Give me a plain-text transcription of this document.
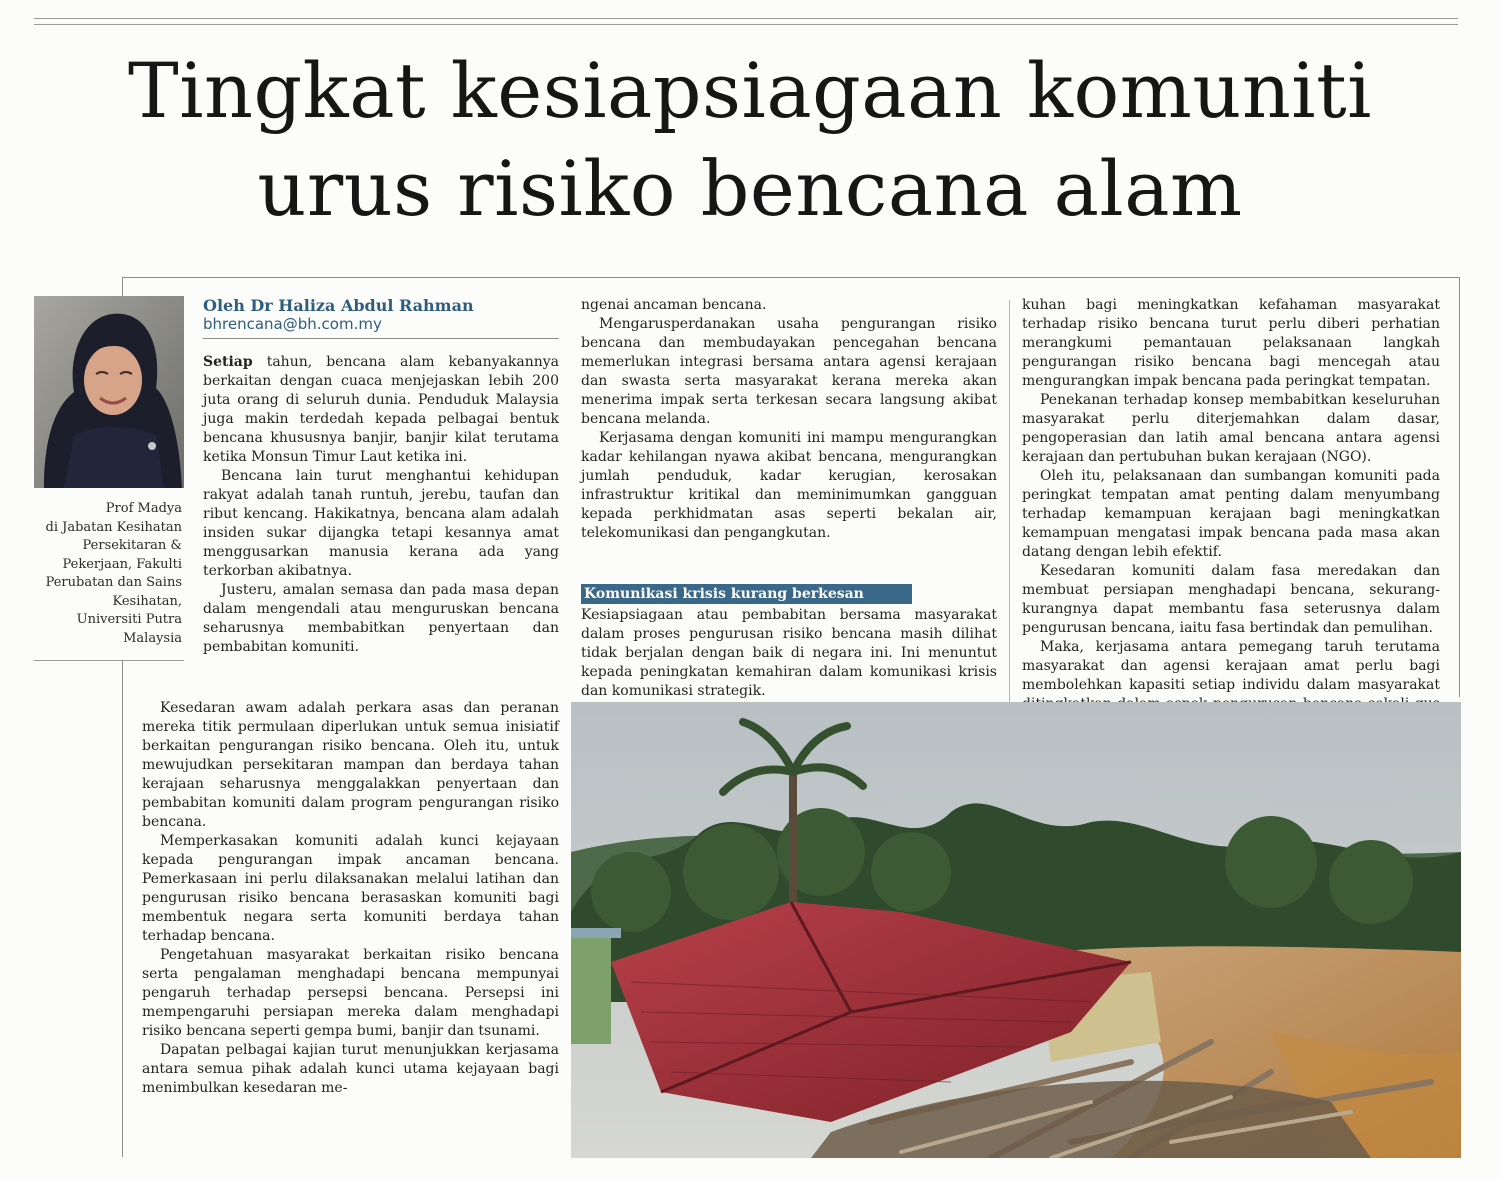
Tingkat kesiapsiagaan komuniti
urus risiko bencana alam

Prof Madya
di Jabatan Kesihatan
Persekitaran &
Pekerjaan, Fakulti
Perubatan dan Sains
Kesihatan,
Universiti Putra
Malaysia

Oleh Dr Haliza Abdul Rahman
bhrencana@bh.com.my

Setiap tahun, bencana alam kebanyakannya berkaitan dengan cuaca menjejaskan lebih 200 juta orang di seluruh dunia. Penduduk Malaysia juga makin terdedah kepada pelbagai bentuk bencana khususnya banjir, banjir kilat terutama ketika Monsun Timur Laut ketika ini.

Bencana lain turut menghantui kehidupan rakyat adalah tanah runtuh, jerebu, taufan dan ribut kencang. Hakikatnya, bencana alam adalah insiden sukar dijangka tetapi kesannya amat menggusarkan manusia kerana ada yang terkorban akibatnya.

Justeru, amalan semasa dan pada masa depan dalam mengendali atau menguruskan bencana seharusnya membabitkan penyertaan dan pembabitan komuniti.

Kesedaran awam adalah perkara asas dan peranan mereka titik permulaan diperlukan untuk semua inisiatif berkaitan pengurangan risiko bencana. Oleh itu, untuk mewujudkan persekitaran mampan dan berdaya tahan kerajaan seharusnya menggalakkan penyertaan dan pembabitan komuniti dalam program pengurangan risiko bencana.

Memperkasakan komuniti adalah kunci kejayaan kepada pengurangan impak ancaman bencana. Pemerkasaan ini perlu dilaksanakan melalui latihan dan pengurusan risiko bencana berasaskan komuniti bagi membentuk negara serta komuniti berdaya tahan terhadap bencana.

Pengetahuan masyarakat berkaitan risiko bencana serta pengalaman menghadapi bencana mempunyai pengaruh terhadap persepsi bencana. Persepsi ini mempengaruhi persiapan mereka dalam menghadapi risiko bencana seperti gempa bumi, banjir dan tsunami.

Dapatan pelbagai kajian turut menunjukkan kerjasama antara semua pihak adalah kunci utama kejayaan bagi menimbulkan kesedaran me-

ngenai ancaman bencana.

Mengarusperdanakan usaha pengurangan risiko bencana dan membudayakan pencegahan bencana memerlukan integrasi bersama antara agensi kerajaan dan swasta serta masyarakat kerana mereka akan menerima impak serta terkesan secara langsung akibat bencana melanda.

Kerjasama dengan komuniti ini mampu mengurangkan kadar kehilangan nyawa akibat bencana, mengurangkan jumlah penduduk, kadar kerugian, kerosakan infrastruktur kritikal dan meminimumkan gangguan kepada perkhidmatan asas seperti bekalan air, telekomunikasi dan pengangkutan.

Komunikasi krisis kurang berkesan

Kesiapsiagaan atau pembabitan bersama masyarakat dalam proses pengurusan risiko bencana masih dilihat tidak berjalan dengan baik di negara ini. Ini menuntut kepada peningkatan kemahiran dalam komunikasi krisis dan komunikasi strategik.

kuhan bagi meningkatkan kefahaman masyarakat terhadap risiko bencana turut perlu diberi perhatian merangkumi pemantauan pelaksanaan langkah pengurangan risiko bencana bagi mencegah atau mengurangkan impak bencana pada peringkat tempatan.

Penekanan terhadap konsep membabitkan keseluruhan masyarakat perlu diterjemahkan dalam dasar, pengoperasian dan latih amal bencana antara agensi kerajaan dan pertubuhan bukan kerajaan (NGO).

Oleh itu, pelaksanaan dan sumbangan komuniti pada peringkat tempatan amat penting dalam menyumbang terhadap kemampuan kerajaan bagi meningkatkan kemampuan mengatasi impak bencana pada masa akan datang dengan lebih efektif.

Kesedaran komuniti dalam fasa meredakan dan membuat persiapan menghadapi bencana, sekurang-kurangnya dapat membantu fasa seterusnya dalam pengurusan bencana, iaitu fasa bertindak dan pemulihan.

Maka, kerjasama antara pemegang taruh terutama masyarakat dan agensi kerajaan amat perlu bagi membolehkan kapasiti setiap individu dalam masyarakat
